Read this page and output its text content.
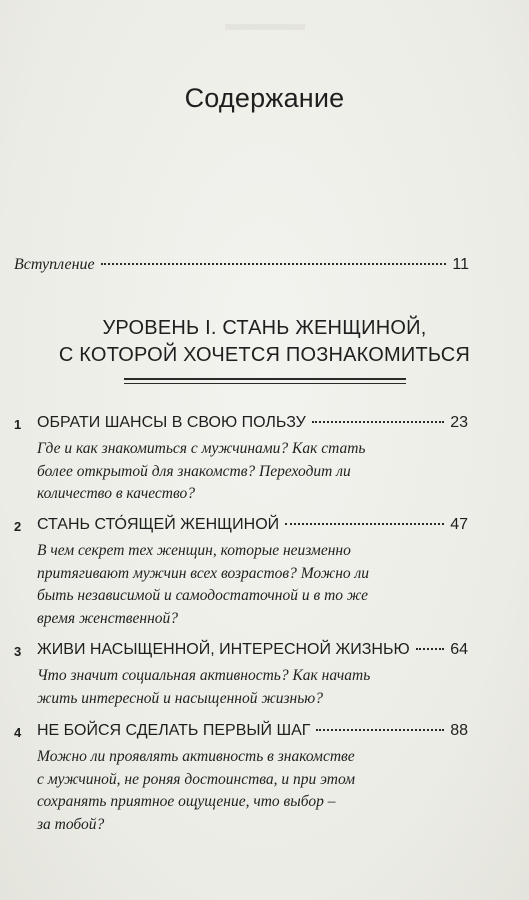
Содержание
Вступление	11
УРОВЕНЬ I. СТАНЬ ЖЕНЩИНОЙ,
С КОТОРОЙ ХОЧЕТСЯ ПОЗНАКОМИТЬСЯ
1 ОБРАТИ ШАНСЫ В СВОЮ ПОЛЬЗУ	23
Где и как знакомиться с мужчинами? Как стать
более открытой для знакомств? Переходит ли
количество в качество?
2 СТАНЬ СТО́ЯЩЕЙ ЖЕНЩИНОЙ	47
В чем секрет тех женщин, которые неизменно
притягивают мужчин всех возрастов? Можно ли
быть независимой и самодостаточной и в то же
время женственной?
3 ЖИВИ НАСЫЩЕННОЙ, ИНТЕРЕСНОЙ ЖИЗНЬЮ	64
Что значит социальная активность? Как начать
жить интересной и насыщенной жизнью?
4 НЕ БОЙСЯ СДЕЛАТЬ ПЕРВЫЙ ШАГ	88
Можно ли проявлять активность в знакомстве
с мужчиной, не роняя достоинства, и при этом
сохранять приятное ощущение, что выбор –
за тобой?
